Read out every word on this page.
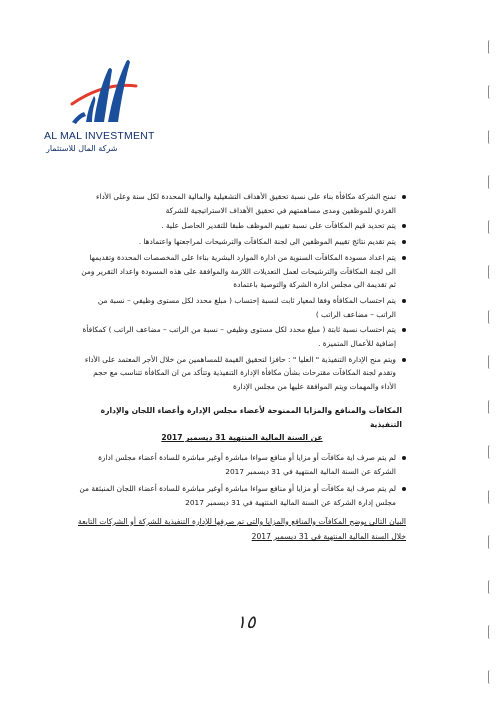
AL MAL INVESTMENT
شركة المال للاستثمار
تمنح الشركة مكافأة بناء على نسبة تحقيق الأهداف التشغيلية والمالية المحددة لكل سنة وعلى الأداء الفردي للموظفين ومدى مساهمتهم في تحقيق الأهداف الاستراتيجية للشركة
يتم تحديد قيم المكافآت على نسبة تقييم الموظف طبقا للتقدير الحاصل علية .
يتم تقديم نتائج تقييم الموظفين الى لجنة المكافآت والترشيحات لمراجعتها واعتمادها .
يتم اعداد مسودة المكافآت السنوية من ادارة الموارد البشرية بناءا على المخصصات المحددة وتقديمها الى لجنة المكافآت والترشيحات لعمل التعديلات اللازمة والموافقة على هذه المسودة واعداد التقرير ومن ثم تقديمة الى مجلس ادارة الشركة والتوصية باعتمادة
يتم احتساب المكافأة وفقا لمعيار ثابت لنسبة إحتساب ( مبلغ محدد لكل مستوى وظيفي – نسبة من الراتب – مضاعف الراتب )
يتم احتساب نسبة ثابتة ( مبلغ محدد لكل مستوى وظيفي – نسبة من الراتب – مضاعف الراتب ) كمكافأة إضافية للأعمال المتميزة .
ويتم منح الإدارة التنفيذية " العليا " : حافزا لتحقيق القيمة للمساهمين من خلال الأجر المعتمد على الأداء وتقدم لجنة المكافآت مقترحات بشأن مكافأة الإدارة التنفيذية وتتأكد من ان المكافأة تتناسب مع حجم الأداء والمهمات ويتم الموافقة عليها من مجلس الإدارة
المكافآت والمنافع والمزايا الممنوحة لأعضاء مجلس الإدارة وأعضاء اللجان والإدارة التنفيذية
عن السنة المالية المنتهية 31 ديسمبر 2017
لم يتم صرف اية مكافآت أو مزايا أو منافع سواءا مباشرة أوغير مباشرة للسادة أعضاء مجلس ادارة الشركة عن السنة المالية المنتهية في 31 ديسمبر 2017
لم يتم صرف اية مكافآت أو مزايا أو منافع سواءا مباشرة أوغير مباشرة للسادة أعضاء اللجان المنبثقة من مجلس إدارة الشركة عن السنة المالية المنتهية في 31 ديسمبر 2017
البيان التالي يوضح المكافآت والمنافع والمزايا والتي تم صرفها للإدارة التنفيذية للشركة أو الشركات التابعة
خلال السنة المالية المنتهية في 31 ديسمبر 2017
١٥
